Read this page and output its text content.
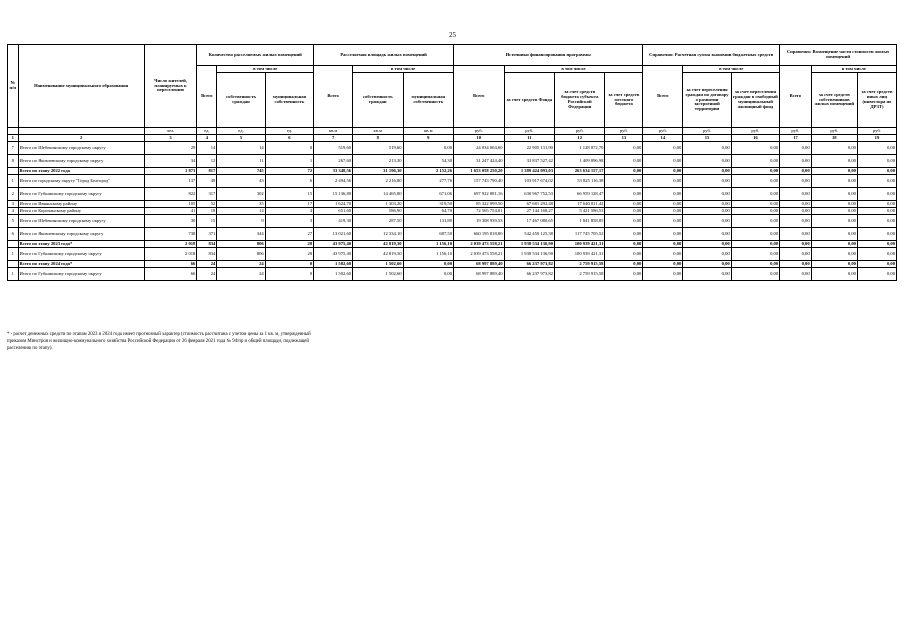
25
№ п/п	Наименование муниципального образования	Число жителей, планируемых к переселению	Количество расселяемых жилых помещений			Расселяемая площадь жилых помещений			Источники финансирования программы				Справочно: Расчетная сумма экономии бюджетных средств			Справочно: Возмещение части стоимости жилых помещений		
			Всего	в том числе		Всего	в том числе		Всего	в том числе			Всего	в том числе		Всего	в том числе	
				собственность граждан	муниципальная собственность		собственность граждан	муниципальная собственность		за счет средств Фонда	за счет средств бюджета субъекта Российской Федерации	за счет средств местного бюджета		за счет переселения граждан по договору о развитии застроенной территории	за счет переселения граждан в свободный муниципальный жилищный фонд		за счет средств собственников жилых помещений	за счет средств иных лиц (инвестора по ДРЗТ)
		чел.	ед.	ед.	ед.	кв.м	кв.м	кв.м	руб.	руб.	руб.	руб.	руб.	руб.	руб.	руб.	руб.	руб.
1	2	3	4	5	6	7	8	9	10	11	12	13	14	15	16	17	18	19
7	Итого по Шебекинскому городскому округу	29	14	14	0	519,60	519,60	0,00	24 034 004,60	22 905 131,90	1 128 872,70	0,00	0,00	0,00	0,00	0,00	0,00	0,00
8	Итого по Яковлевскому городскому округу	34	12	11	1	267,60	213,30	54,30	31 247 424,40	33 837 527,42	1 409 896,98	0,00	0,00	0,00	0,00	0,00	0,00	0,00
	Всего по этапу 2022 года	1 873	817	745	72	33 348,56	31 196,30	2 152,26	1 653 058 250,20	1 389 424 093,03	263 634 157,17	0,00	0,00	0,00	0,00	0,00	0,00	0,00
1	Итого по городскому округу "Город Белгород"	137	49	43	6	2 494,56	2 216,80	277,76	157 743 790,40	103 917 674,02	53 825 116,38	0,00	0,00	0,00	0,00	0,00	0,00	0,00
2	Итого по Губкинскому городскому округу	822	317	302	15	15 136,80	14 465,80	671,06	697 922 881,16	630 967 752,53	66 959 128,47	0,00	0,00	0,00	0,00	0,00	0,00	0,00
3	Итого по Ивнянскому району	105	52	35	17	1 624,70	1 303,20	319,50	85 322 099,50	67 681 292,48	17 640 811,42	0,00	0,00	0,00	0,00	0,00	0,00	0,00
4	Итого по Корочанскому району	41	18	14	4	651,60	586,90	64,70	72 565 754,81	27 144 168,27	5 421 586,53	0,00	0,00	0,00	0,00	0,00	0,00	0,00
5	Итого по Шебекинскому городскому округу	30	15	9	3	419,30	287,50	131,80	19 308 939,53	17 467 080,65	1 841 858,85	0,00	0,00	0,00	0,00	0,00	0,00	0,00
6	Итого по Яковлевскому городскому округу	738	371	344	27	13 021,60	12 334,10	687,50	660 195 818,80	542 450 125,38	117 745 705,52	0,00	0,00	0,00	0,00	0,00	0,00	0,00
	Всего по этапу 2023 года*	2 018	834	806	28	43 975,40	42 819,30	1 156,10	2 039 473 558,21	1 938 534 136,90	100 939 421,31	0,00	0,00	0,00	0,00	0,00	0,00	0,00
1	Итого по Губкинскому городскому округу	2 018	834	806	28	43 975,40	42 819,30	1 156,10	2 039 473 558,21	1 938 534 136,90	100 939 421,31	0,00	0,00	0,00	0,00	0,00	0,00	0,00
	Всего по этапу 2024 года*	66	24	24	0	1 502,60	1 502,60	0,00	68 997 889,40	66 237 973,82	2 759 915,58	0,00	0,00	0,00	0,00	0,00	0,00	0,00
1	Итого по Губкинскому городскому округу	66	24	24	0	1 502,60	1 502,60	0,00	68 997 889,40	66 237 973,82	2 759 915,58	0,00	0,00	0,00	0,00	0,00	0,00	0,00
* - расчет денежных средств по этапам 2023 и 2024 года имеет прогнозный характер (стоимость рассчитана с учетом цены за 1 кв. м, утвержденный
приказом Минстроя и жилищно-коммунального хозяйства Российской Федерации от 26 февраля 2021 года № 94/пр и общей площади, подлежащей
расселению по этапу).
